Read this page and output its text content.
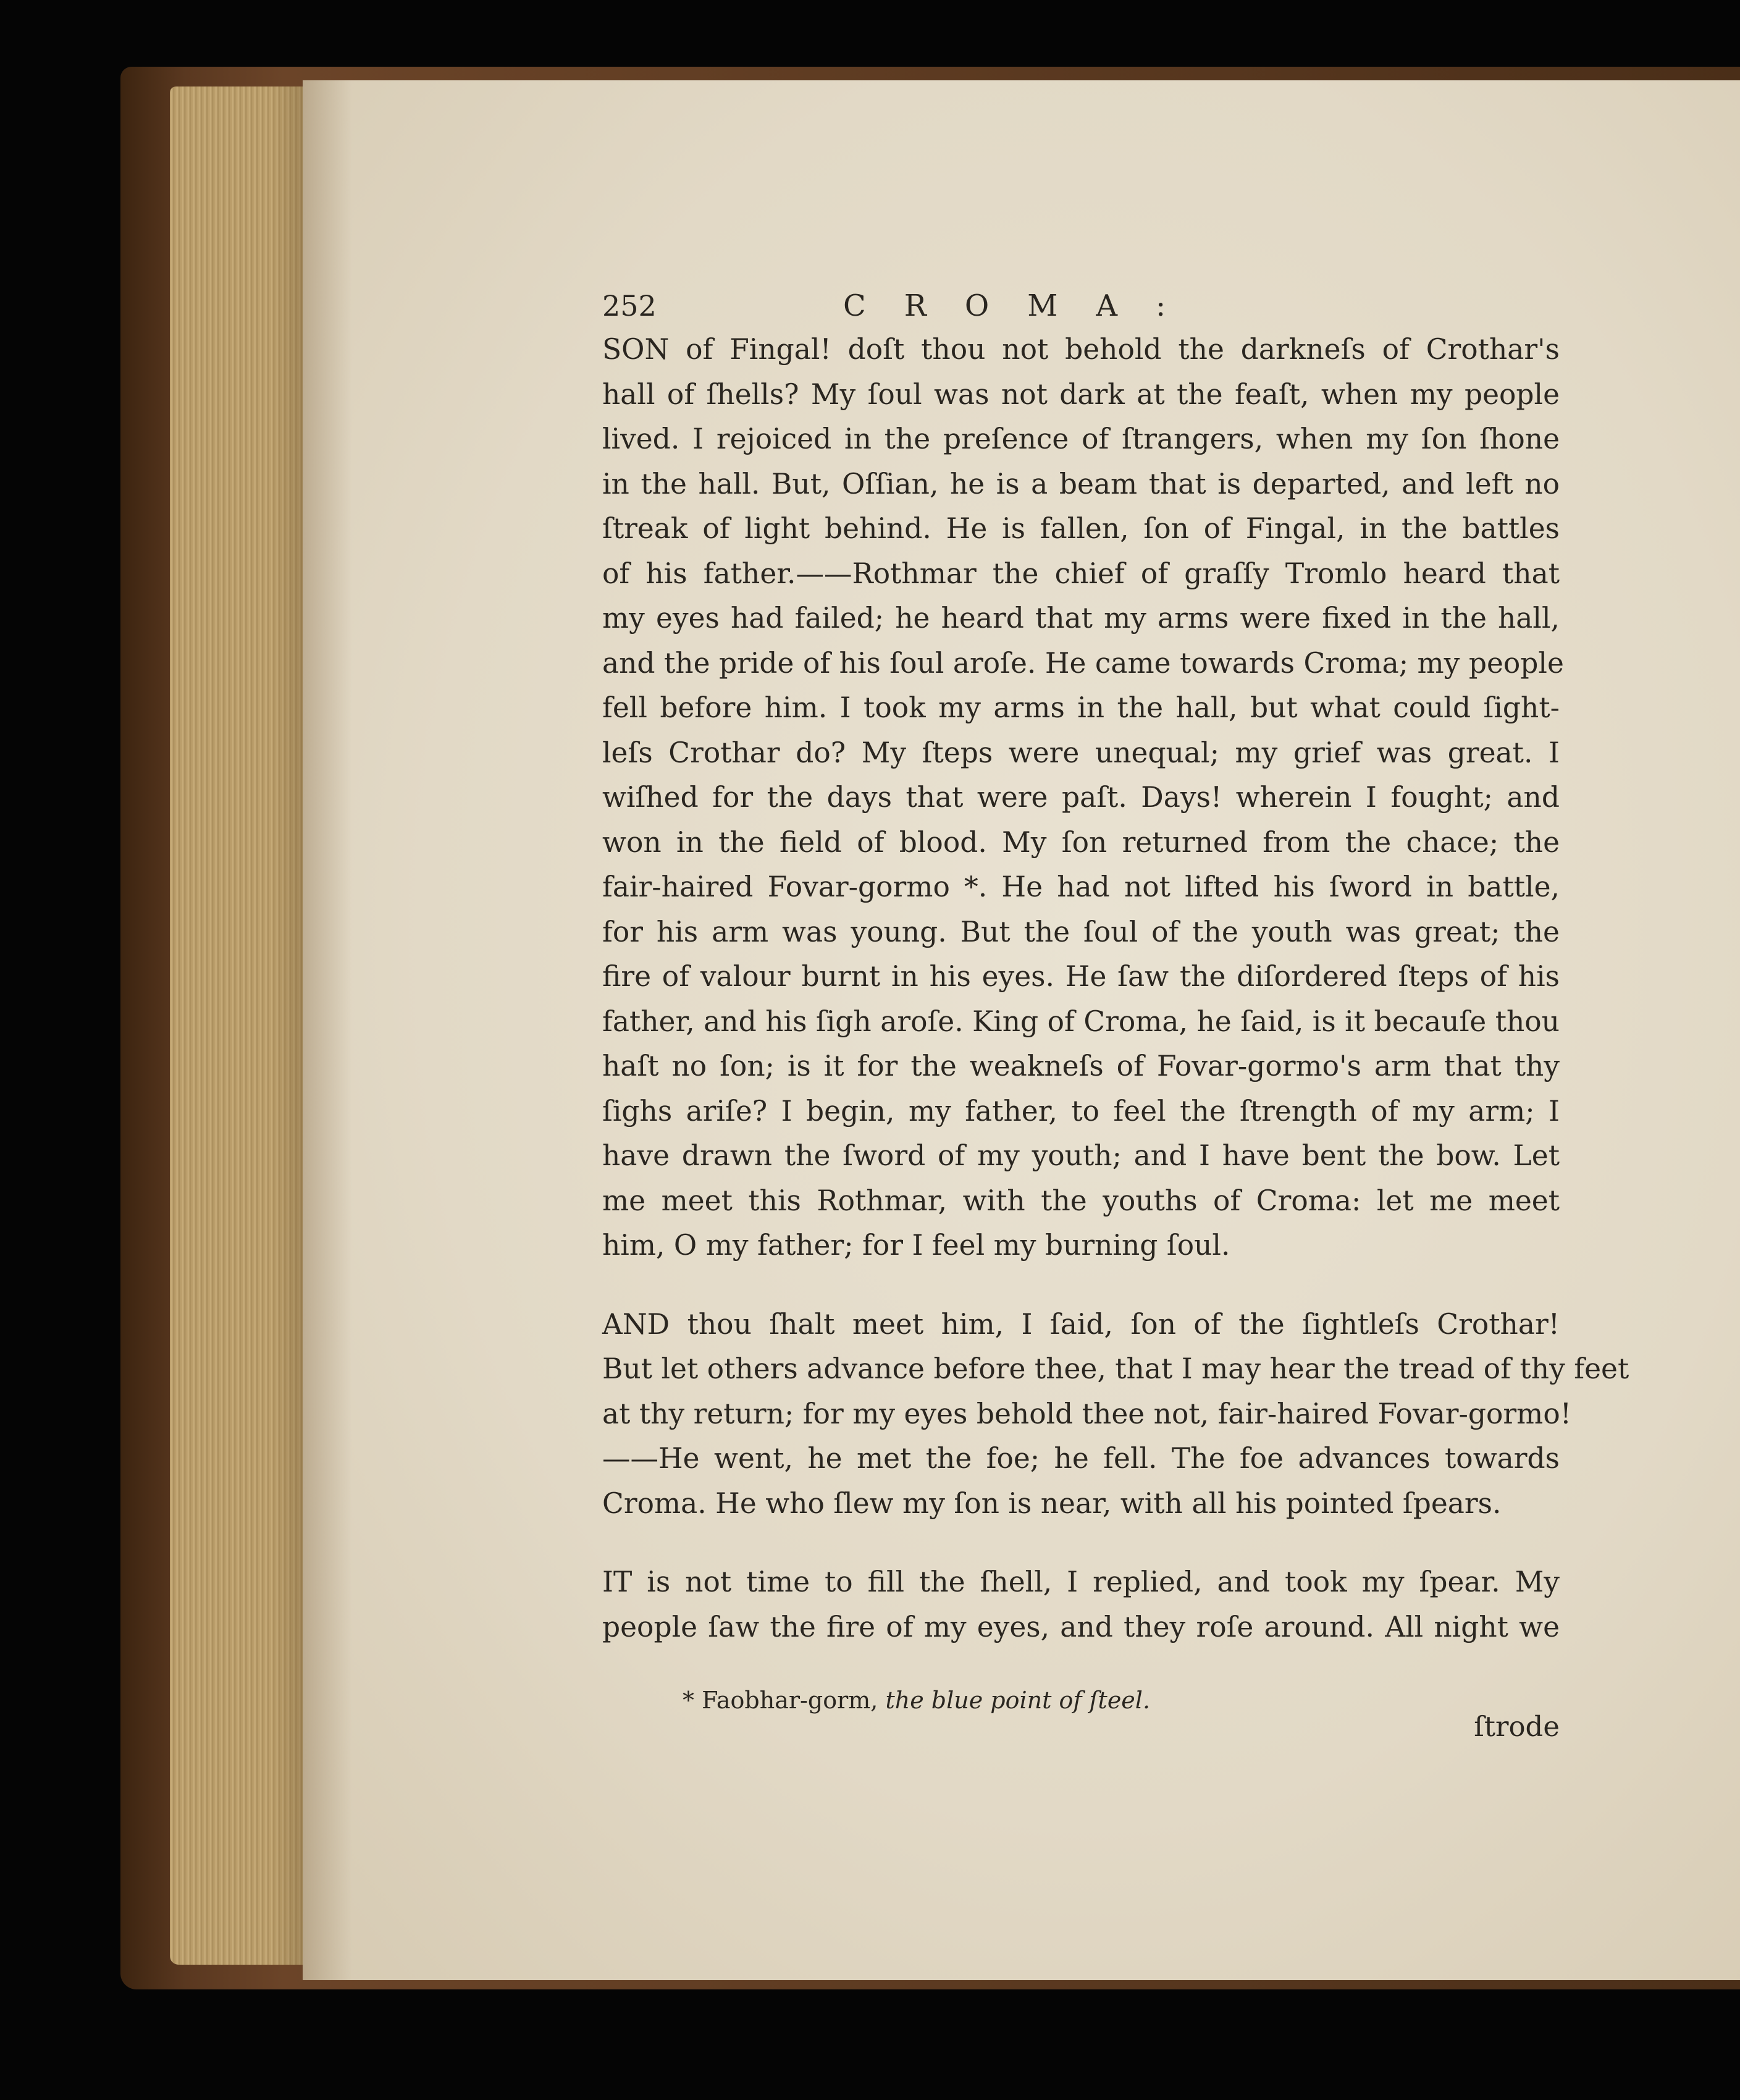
252	CROMA:

SON of Fingal! doſt thou not behold the darkneſs of Crothar's
hall of ſhells? My ſoul was not dark at the feaſt, when my people
lived. I rejoiced in the preſence of ſtrangers, when my ſon ſhone
in the hall. But, Oſſian, he is a beam that is departed, and left no
ſtreak of light behind. He is fallen, ſon of Fingal, in the battles
of his father.——Rothmar the chief of graſſy Tromlo heard that
my eyes had failed; he heard that my arms were fixed in the hall,
and the pride of his ſoul aroſe. He came towards Croma; my people
fell before him. I took my arms in the hall, but what could ſight-
leſs Crothar do? My ſteps were unequal; my grief was great. I
wiſhed for the days that were paſt. Days! wherein I fought; and
won in the field of blood. My ſon returned from the chace; the
fair-haired Fovar-gormo *. He had not lifted his ſword in battle,
for his arm was young. But the ſoul of the youth was great; the
fire of valour burnt in his eyes. He ſaw the diſordered ſteps of his
father, and his ſigh aroſe. King of Croma, he ſaid, is it becauſe thou
haſt no ſon; is it for the weakneſs of Fovar-gormo's arm that thy
ſighs ariſe? I begin, my father, to feel the ſtrength of my arm; I
have drawn the ſword of my youth; and I have bent the bow. Let
me meet this Rothmar, with the youths of Croma: let me meet
him, O my father; for I feel my burning ſoul.

AND thou ſhalt meet him, I ſaid, ſon of the ſightleſs Crothar!
But let others advance before thee, that I may hear the tread of thy feet
at thy return; for my eyes behold thee not, fair-haired Fovar-gormo!
——He went, he met the foe; he fell. The foe advances towards
Croma. He who ſlew my ſon is near, with all his pointed ſpears.

IT is not time to fill the ſhell, I replied, and took my ſpear. My
people ſaw the fire of my eyes, and they roſe around. All night we

* Faobhar-gorm, the blue point of ſteel.
ſtrode
